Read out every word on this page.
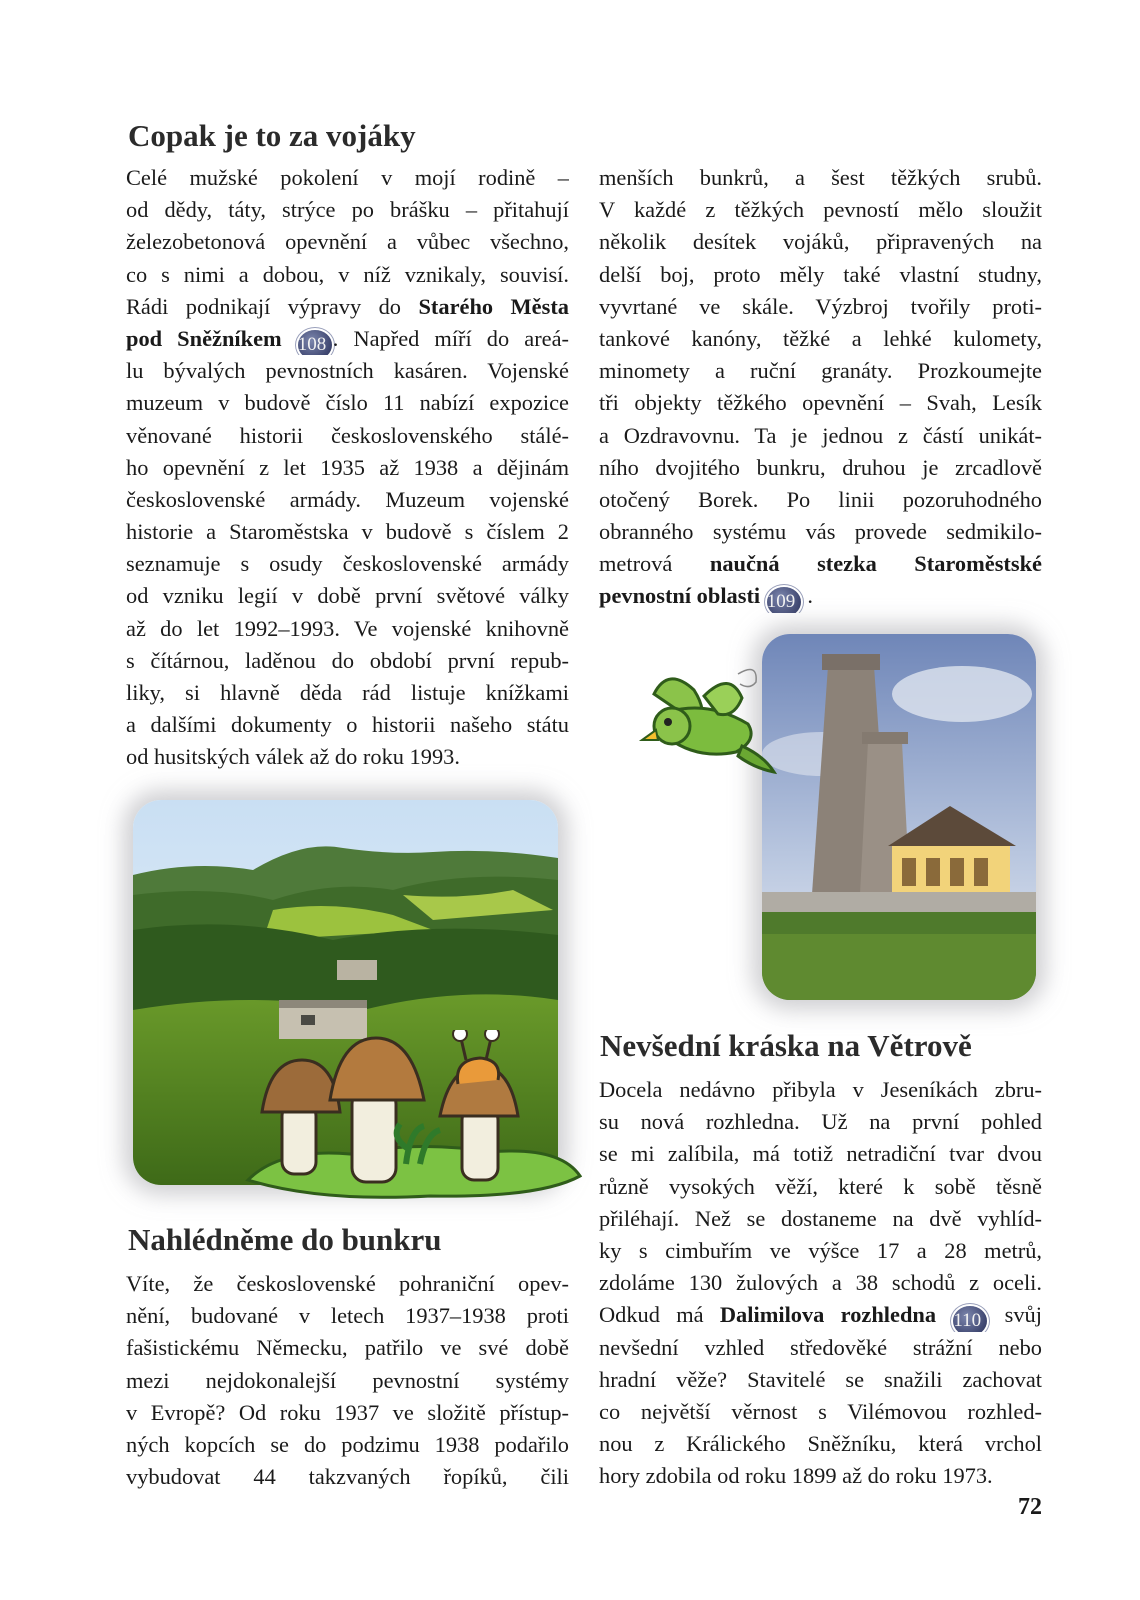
Copak je to za vojáky
Celé mužské pokolení v mojí rodině –
od dědy, táty, strýce po brášku – přitahují
železobetonová opevnění a vůbec všechno,
co s nimi a dobou, v níž vznikaly, souvisí.
Rádi podnikají výpravy do Starého Města
pod Sněžníkem 108 . Napřed míří do areá-
lu bývalých pevnostních kasáren. Vojenské
muzeum v budově číslo 11 nabízí expozice
věnované historii československého stálé-
ho opevnění z let 1935 až 1938 a dějinám
československé armády. Muzeum vojenské
historie a Staroměstska v budově s číslem 2
seznamuje s osudy československé armády
od vzniku legií v době první světové války
až do let 1992–1993. Ve vojenské knihovně
s čítárnou, laděnou do období první repub-
liky, si hlavně děda rád listuje knížkami
a dalšími dokumenty o historii našeho státu
od husitských válek až do roku 1993.
menších bunkrů, a šest těžkých srubů.
V každé z těžkých pevností mělo sloužit
několik desítek vojáků, připravených na
delší boj, proto měly také vlastní studny,
vyvrtané ve skále. Výzbroj tvořily proti-
tankové kanóny, těžké a lehké kulomety,
minomety a ruční granáty. Prozkoumejte
tři objekty těžkého opevnění – Svah, Lesík
a Ozdravovnu. Ta je jednou z částí unikát-
ního dvojitého bunkru, druhou je zrcadlově
otočený Borek. Po linii pozoruhodného
obranného systému vás provede sedmikilo-
metrová naučná stezka Staroměstské
pevnostní oblasti 109 .
Nahlédněme do bunkru
Víte, že československé pohraniční opev-
nění, budované v letech 1937–1938 proti
fašistickému Německu, patřilo ve své době
mezi nejdokonalejší pevnostní systémy
v Evropě? Od roku 1937 ve složitě přístup-
ných kopcích se do podzimu 1938 podařilo
vybudovat 44 takzvaných řopíků, čili
Nevšední kráska na Větrově
Docela nedávno přibyla v Jeseníkách zbru-
su nová rozhledna. Už na první pohled
se mi zalíbila, má totiž netradiční tvar dvou
různě vysokých věží, které k sobě těsně
přiléhají. Než se dostaneme na dvě vyhlíd-
ky s cimbuřím ve výšce 17 a 28 metrů,
zdoláme 130 žulových a 38 schodů z oceli.
Odkud má Dalimilova rozhledna 110 svůj
nevšední vzhled středověké strážní nebo
hradní věže? Stavitelé se snažili zachovat
co největší věrnost s Vilémovou rozhled-
nou z Králického Sněžníku, která vrchol
hory zdobila od roku 1899 až do roku 1973.
72
